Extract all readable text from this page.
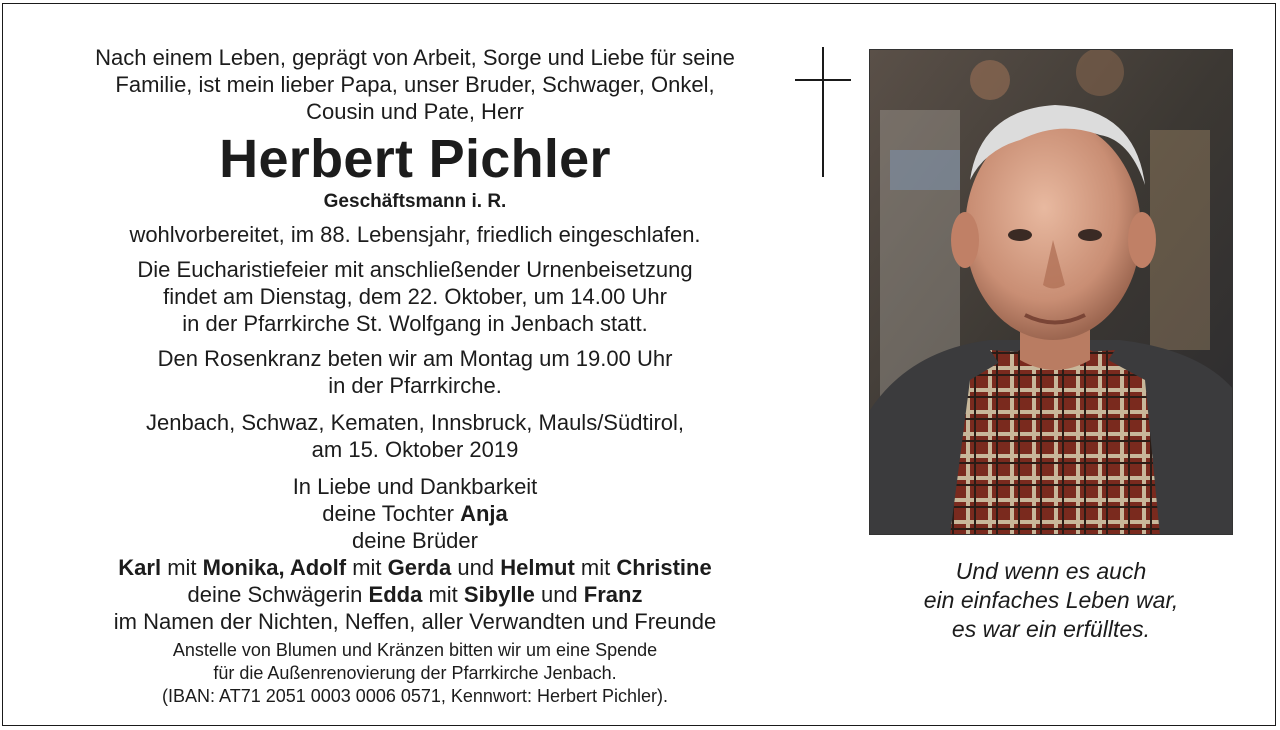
Nach einem Leben, geprägt von Arbeit, Sorge und Liebe für seine

Familie, ist mein lieber Papa, unser Bruder, Schwager, Onkel,

Cousin und Pate, Herr

Herbert Pichler

Geschäftsmann i. R.

wohlvorbereitet, im 88. Lebensjahr, friedlich eingeschlafen.

Die Eucharistiefeier mit anschließender Urnenbeisetzung

findet am Dienstag, dem 22. Oktober, um 14.00 Uhr

in der Pfarrkirche St. Wolfgang in Jenbach statt.

Den Rosenkranz beten wir am Montag um 19.00 Uhr

in der Pfarrkirche.

Jenbach, Schwaz, Kematen, Innsbruck, Mauls/Südtirol,

am 15. Oktober 2019

In Liebe und Dankbarkeit

deine Tochter Anja

deine Brüder

Karl mit Monika, Adolf mit Gerda und Helmut mit Christine

deine Schwägerin Edda mit Sibylle und Franz

im Namen der Nichten, Neffen, aller Verwandten und Freunde

Anstelle von Blumen und Kränzen bitten wir um eine Spende

für die Außenrenovierung der Pfarrkirche Jenbach.

(IBAN: AT71 2051 0003 0006 0571, Kennwort: Herbert Pichler).

Und wenn es auch

ein einfaches Leben war,

es war ein erfülltes.
